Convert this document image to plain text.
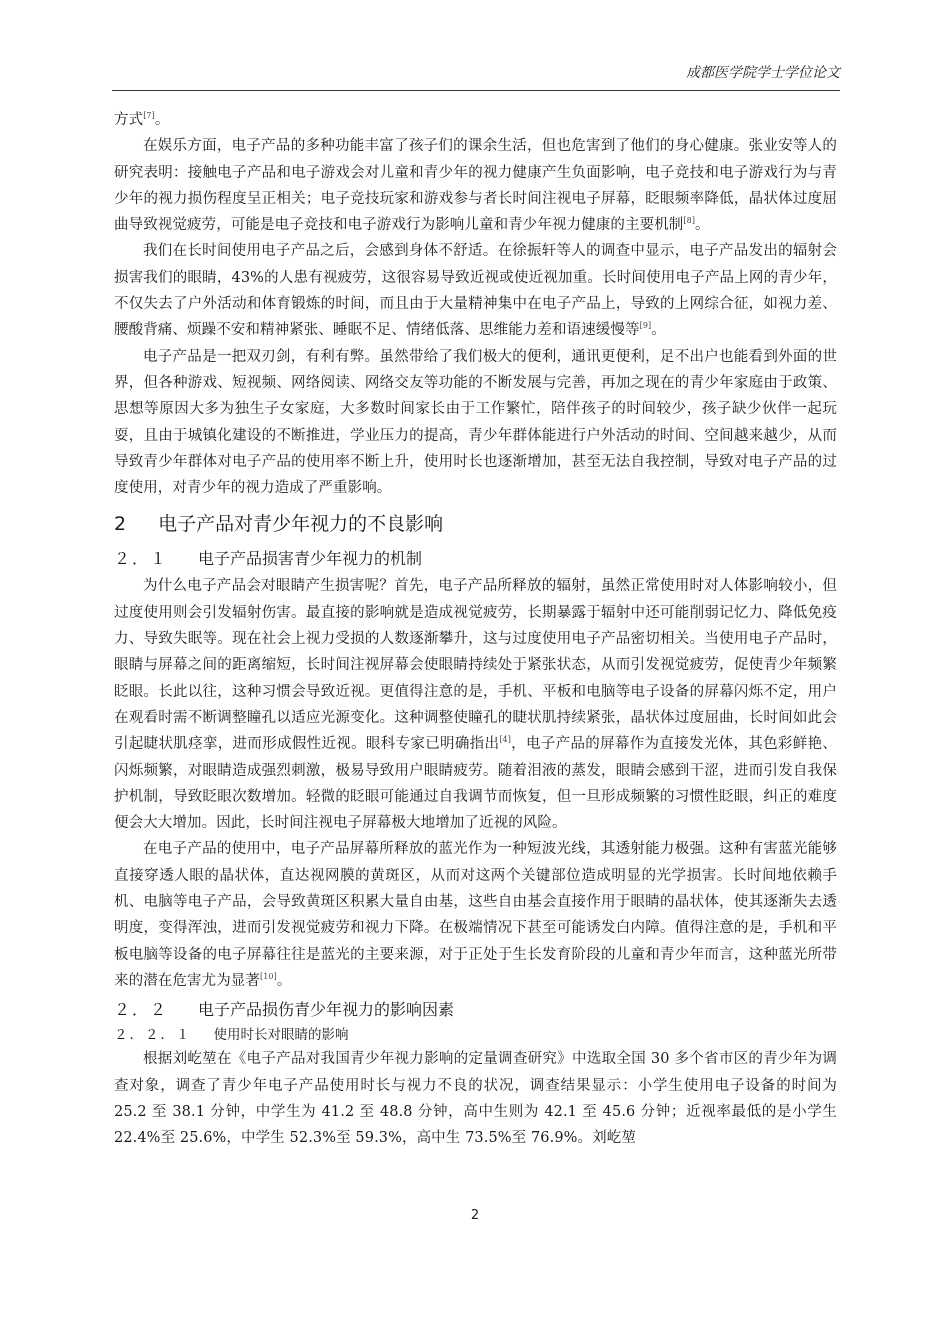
成都医学院学士学位论文

方式[7]。

在娱乐方面，电子产品的多种功能丰富了孩子们的课余生活，但也危害到了他们的身心健康。张业安等人的研究表明：接触电子产品和电子游戏会对儿童和青少年的视力健康产生负面影响，电子竞技和电子游戏行为与青少年的视力损伤程度呈正相关；电子竞技玩家和游戏参与者长时间注视电子屏幕，眨眼频率降低，晶状体过度屈曲导致视觉疲劳，可能是电子竞技和电子游戏行为影响儿童和青少年视力健康的主要机制[8]。

我们在长时间使用电子产品之后，会感到身体不舒适。在徐振轩等人的调查中显示，电子产品发出的辐射会损害我们的眼睛，43%的人患有视疲劳，这很容易导致近视或使近视加重。长时间使用电子产品上网的青少年，不仅失去了户外活动和体育锻炼的时间，而且由于大量精神集中在电子产品上，导致的上网综合征，如视力差、腰酸背痛、烦躁不安和精神紧张、睡眠不足、情绪低落、思维能力差和语速缓慢等[9]。

电子产品是一把双刃剑，有利有弊。虽然带给了我们极大的便利，通讯更便利，足不出户也能看到外面的世界，但各种游戏、短视频、网络阅读、网络交友等功能的不断发展与完善，再加之现在的青少年家庭由于政策、思想等原因大多为独生子女家庭，大多数时间家长由于工作繁忙，陪伴孩子的时间较少，孩子缺少伙伴一起玩耍，且由于城镇化建设的不断推进，学业压力的提高，青少年群体能进行户外活动的时间、空间越来越少，从而导致青少年群体对电子产品的使用率不断上升，使用时长也逐渐增加，甚至无法自我控制，导致对电子产品的过度使用，对青少年的视力造成了严重影响。

2 电子产品对青少年视力的不良影响
２．１ 电子产品损害青少年视力的机制

为什么电子产品会对眼睛产生损害呢？首先，电子产品所释放的辐射，虽然正常使用时对人体影响较小，但过度使用则会引发辐射伤害。最直接的影响就是造成视觉疲劳，长期暴露于辐射中还可能削弱记忆力、降低免疫力、导致失眠等。现在社会上视力受损的人数逐渐攀升，这与过度使用电子产品密切相关。当使用电子产品时，眼睛与屏幕之间的距离缩短，长时间注视屏幕会使眼睛持续处于紧张状态，从而引发视觉疲劳，促使青少年频繁眨眼。长此以往，这种习惯会导致近视。更值得注意的是，手机、平板和电脑等电子设备的屏幕闪烁不定，用户在观看时需不断调整瞳孔以适应光源变化。这种调整使瞳孔的睫状肌持续紧张，晶状体过度屈曲，长时间如此会引起睫状肌痉挛，进而形成假性近视。眼科专家已明确指出[4]，电子产品的屏幕作为直接发光体，其色彩鲜艳、闪烁频繁，对眼睛造成强烈刺激，极易导致用户眼睛疲劳。随着泪液的蒸发，眼睛会感到干涩，进而引发自我保护机制，导致眨眼次数增加。轻微的眨眼可能通过自我调节而恢复，但一旦形成频繁的习惯性眨眼，纠正的难度便会大大增加。因此，长时间注视电子屏幕极大地增加了近视的风险。

在电子产品的使用中，电子产品屏幕所释放的蓝光作为一种短波光线，其透射能力极强。这种有害蓝光能够直接穿透人眼的晶状体，直达视网膜的黄斑区，从而对这两个关键部位造成明显的光学损害。长时间地依赖手机、电脑等电子产品，会导致黄斑区积累大量自由基，这些自由基会直接作用于眼睛的晶状体，使其逐渐失去透明度，变得浑浊，进而引发视觉疲劳和视力下降。在极端情况下甚至可能诱发白内障。值得注意的是，手机和平板电脑等设备的电子屏幕往往是蓝光的主要来源，对于正处于生长发育阶段的儿童和青少年而言，这种蓝光所带来的潜在危害尤为显著[10]。

２．２ 电子产品损伤青少年视力的影响因素
２．２．１ 使用时长对眼睛的影响

根据刘屹堃在《电子产品对我国青少年视力影响的定量调查研究》中选取全国 30 多个省市区的青少年为调查对象，调查了青少年电子产品使用时长与视力不良的状况，调查结果显示：小学生使用电子设备的时间为 25.2 至 38.1 分钟，中学生为 41.2 至 48.8 分钟，高中生则为 42.1 至 45.6 分钟；近视率最低的是小学生 22.4%至 25.6%，中学生 52.3%至 59.3%，高中生 73.5%至 76.9%。刘屹堃

2
